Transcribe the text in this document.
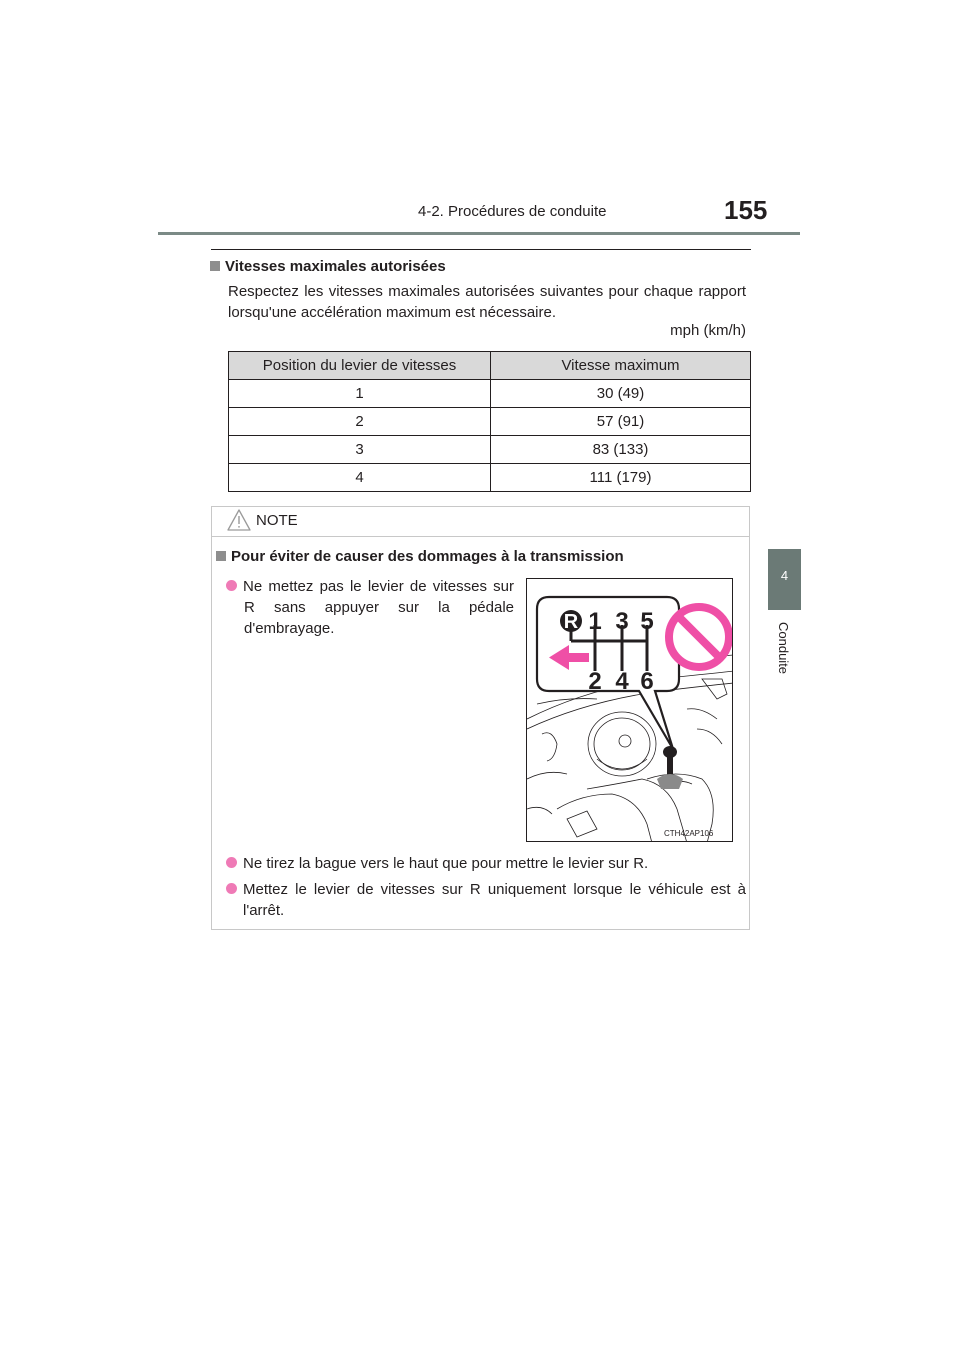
4-2. Procédures de conduite	155
4
Conduite
Vitesses maximales autorisées
Respectez les vitesses maximales autorisées suivantes pour chaque rapport
lorsqu'une accélération maximum est nécessaire.
mph (km/h)
Position du levier de vitesses	Vitesse maximum
1	30 (49)
2	57 (91)
3	83 (133)
4	111 (179)
NOTE
Pour éviter de causer des dommages à la transmission
Ne mettez pas le levier de vitesses sur
R sans appuyer sur la pédale
d'embrayage.
Ne tirez la bague vers le haut que pour mettre le levier sur R.
Mettez le levier de vitesses sur R uniquement lorsque le véhicule est à
l'arrêt.
R 1 3 5
2 4 6
CTH42AP106
